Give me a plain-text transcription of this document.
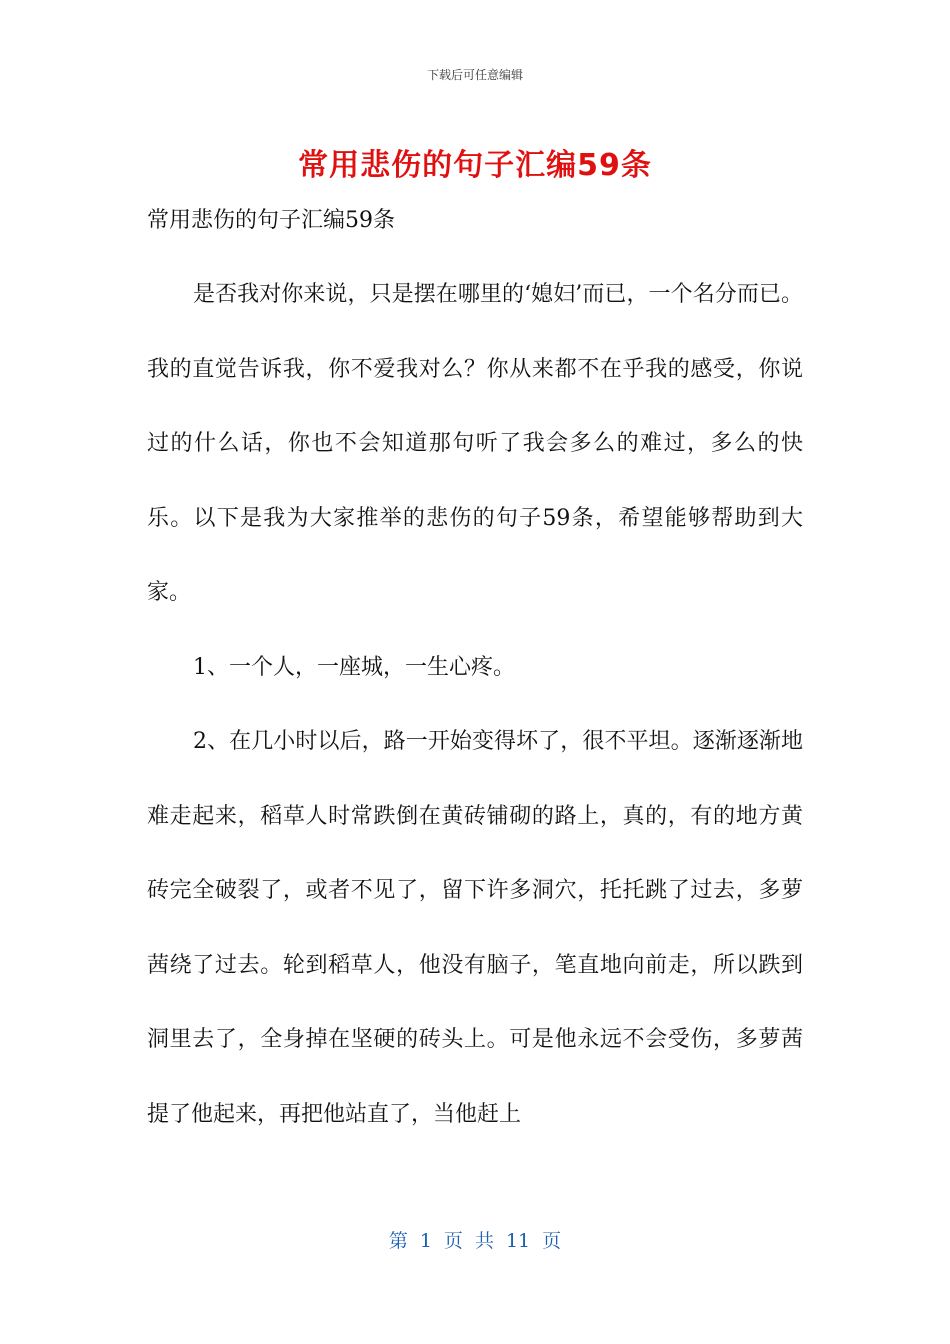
下载后可任意编辑
常用悲伤的句子汇编59条

常用悲伤的句子汇编59条

是否我对你来说，只是摆在哪里的‘媳妇’而已，一个名分而已。我的直觉告诉我，你不爱我对么？你从来都不在乎我的感受，你说过的什么话，你也不会知道那句听了我会多么的难过，多么的快乐。以下是我为大家推举的悲伤的句子59条，希望能够帮助到大家。

1、一个人，一座城，一生心疼。

2、在几小时以后，路一开始变得坏了，很不平坦。逐渐逐渐地难走起来，稻草人时常跌倒在黄砖铺砌的路上，真的，有的地方黄砖完全破裂了，或者不见了，留下许多洞穴，托托跳了过去，多萝茜绕了过去。轮到稻草人，他没有脑子，笔直地向前走，所以跌到洞里去了，全身掉在坚硬的砖头上。可是他永远不会受伤，多萝茜提了他起来，再把他站直了，当他赶上

第 1 页 共 11 页
